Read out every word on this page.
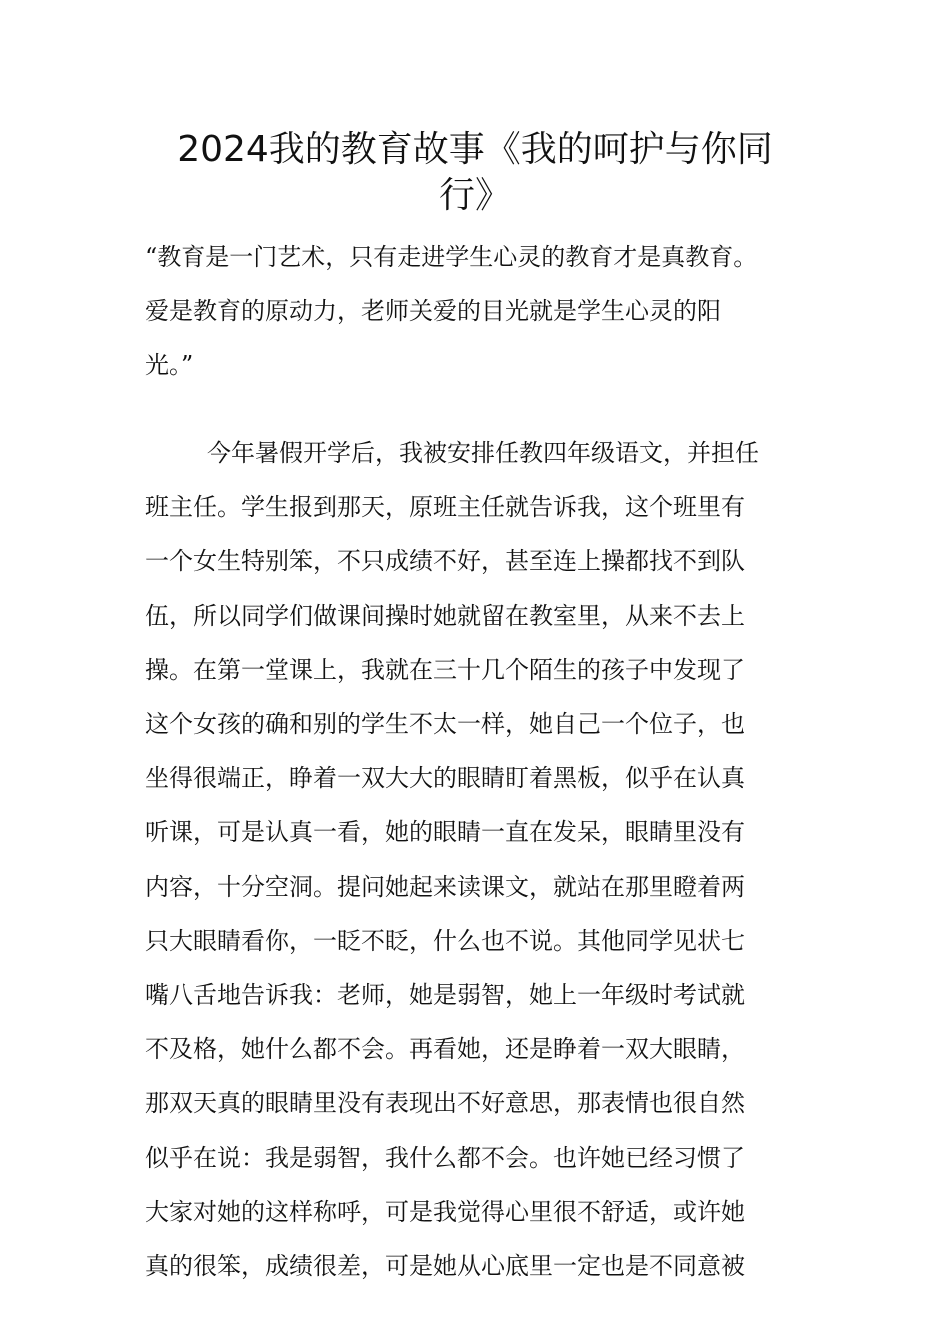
2024我的教育故事《我的呵护与你同
行》
“教育是一门艺术，只有走进学生心灵的教育才是真教育。
爱是教育的原动力，老师关爱的目光就是学生心灵的阳
光。”
今年暑假开学后，我被安排任教四年级语文，并担任
班主任。学生报到那天，原班主任就告诉我，这个班里有
一个女生特别笨，不只成绩不好，甚至连上操都找不到队
伍，所以同学们做课间操时她就留在教室里，从来不去上
操。在第一堂课上，我就在三十几个陌生的孩子中发现了
这个女孩的确和别的学生不太一样，她自己一个位子，也
坐得很端正，睁着一双大大的眼睛盯着黑板，似乎在认真
听课，可是认真一看，她的眼睛一直在发呆，眼睛里没有
内容，十分空洞。提问她起来读课文，就站在那里瞪着两
只大眼睛看你，一眨不眨，什么也不说。其他同学见状七
嘴八舌地告诉我：老师，她是弱智，她上一年级时考试就
不及格，她什么都不会。再看她，还是睁着一双大眼睛，
那双天真的眼睛里没有表现出不好意思，那表情也很自然
似乎在说：我是弱智，我什么都不会。也许她已经习惯了
大家对她的这样称呼，可是我觉得心里很不舒适，或许她
真的很笨，成绩很差，可是她从心底里一定也是不同意被
